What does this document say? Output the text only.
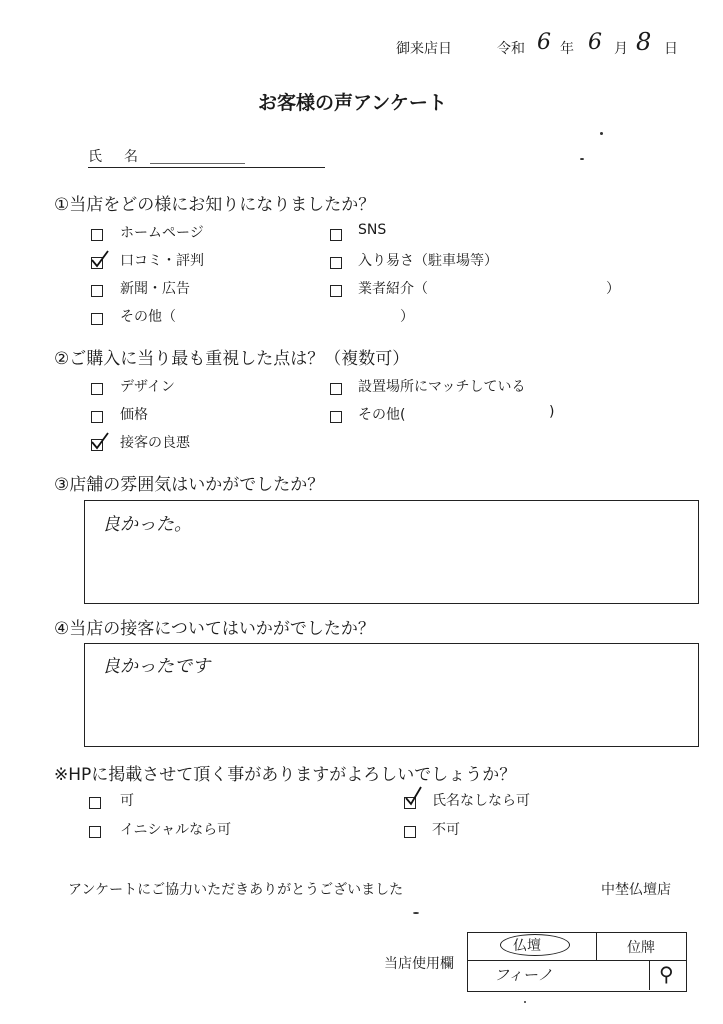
御来店日	令和 6 年 6 月 8 日
お客様の声アンケート
氏　名
①当店をどの様にお知りになりましたか？
ホームページ	SNS
口コミ・評判	入り易さ（駐車場等）
新聞・広告	業者紹介（	）
その他（	）
②ご購入に当り最も重視した点は？（複数可）
デザイン	設置場所にマッチしている
価格	その他(	)
接客の良悪
③店舗の雰囲気はいかがでしたか？
良かった。
④当店の接客についてはいかがでしたか？
良かったです
※HPに掲載させて頂く事がありますがよろしいでしょうか？
可	氏名なしなら可
イニシャルなら可	不可
アンケートにご協力いただきありがとうございました	中埜仏壇店
当店使用欄
仏壇	位牌
フィーノ	⚲
